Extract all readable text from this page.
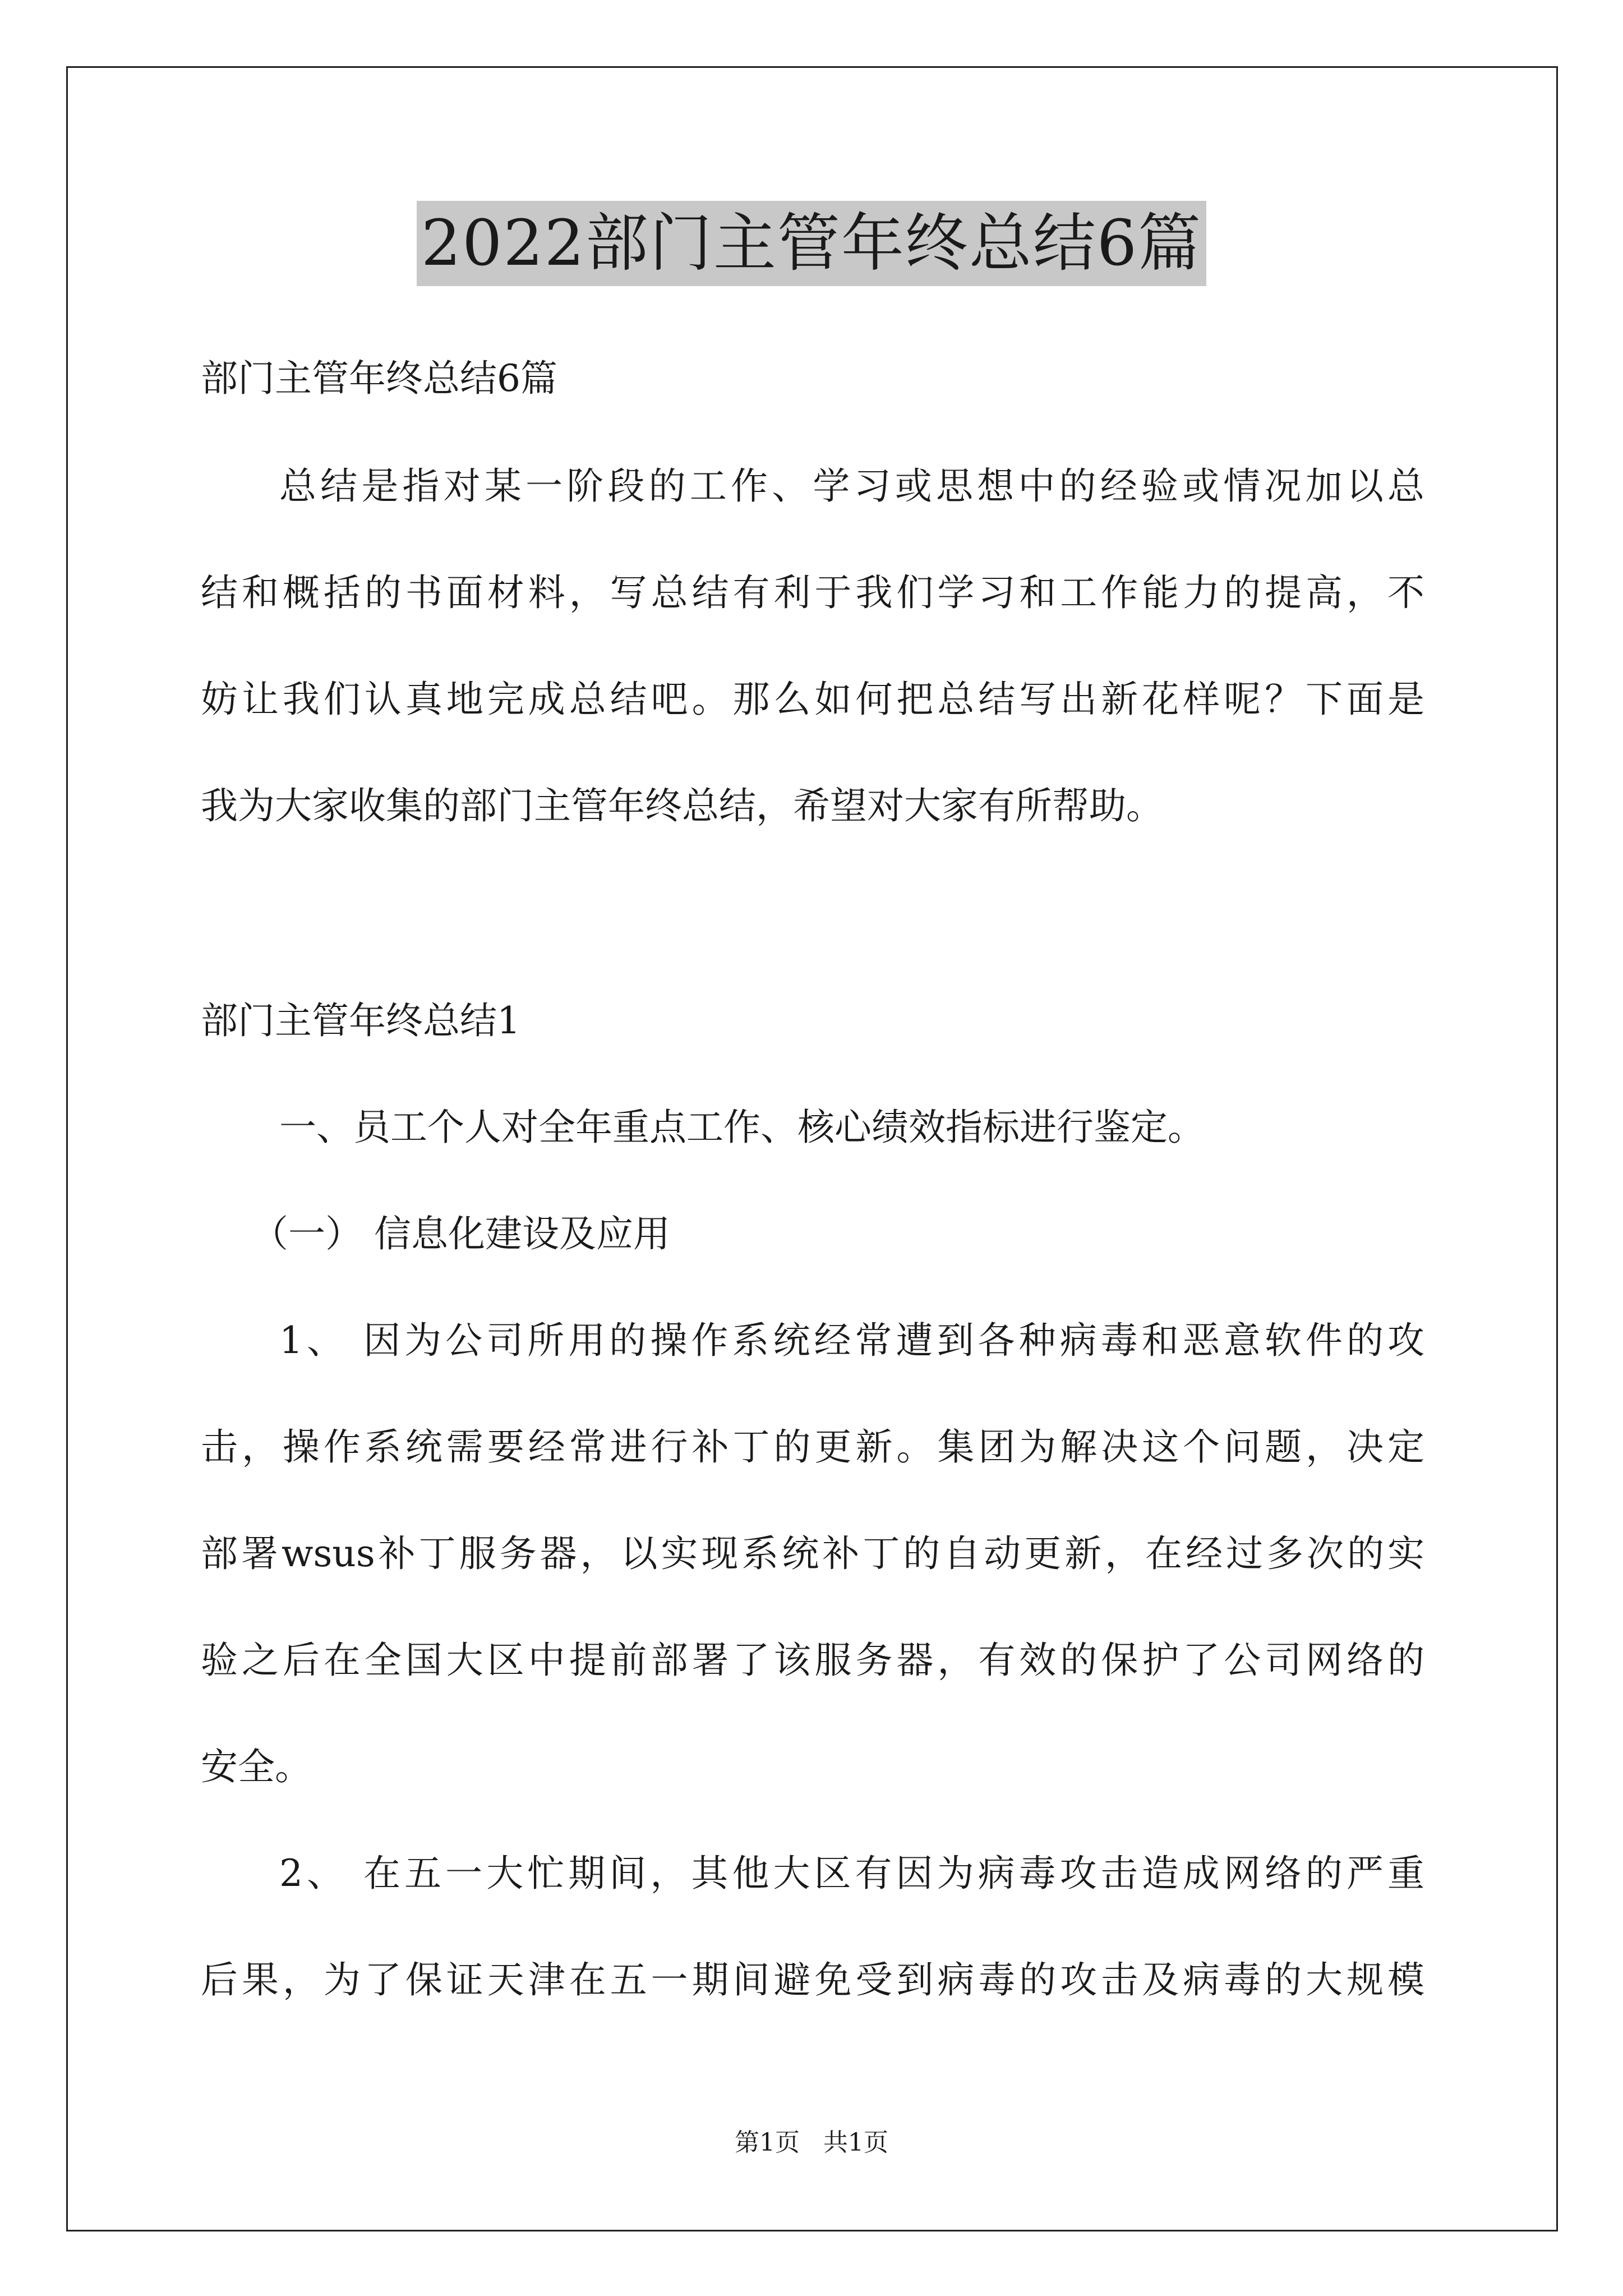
2022部门主管年终总结6篇
部门主管年终总结6篇
总结是指对某一阶段的工作、学习或思想中的经验或情况加以总
结和概括的书面材料，写总结有利于我们学习和工作能力的提高，不
妨让我们认真地完成总结吧。那么如何把总结写出新花样呢？下面是
我为大家收集的部门主管年终总结，希望对大家有所帮助。
部门主管年终总结1
一、员工个人对全年重点工作、核心绩效指标进行鉴定。
（一） 信息化建设及应用
1、 因为公司所用的操作系统经常遭到各种病毒和恶意软件的攻
击，操作系统需要经常进行补丁的更新。集团为解决这个问题，决定
部署wsus补丁服务器，以实现系统补丁的自动更新，在经过多次的实
验之后在全国大区中提前部署了该服务器，有效的保护了公司网络的
安全。
2、 在五一大忙期间，其他大区有因为病毒攻击造成网络的严重
后果，为了保证天津在五一期间避免受到病毒的攻击及病毒的大规模
第1页 共1页
